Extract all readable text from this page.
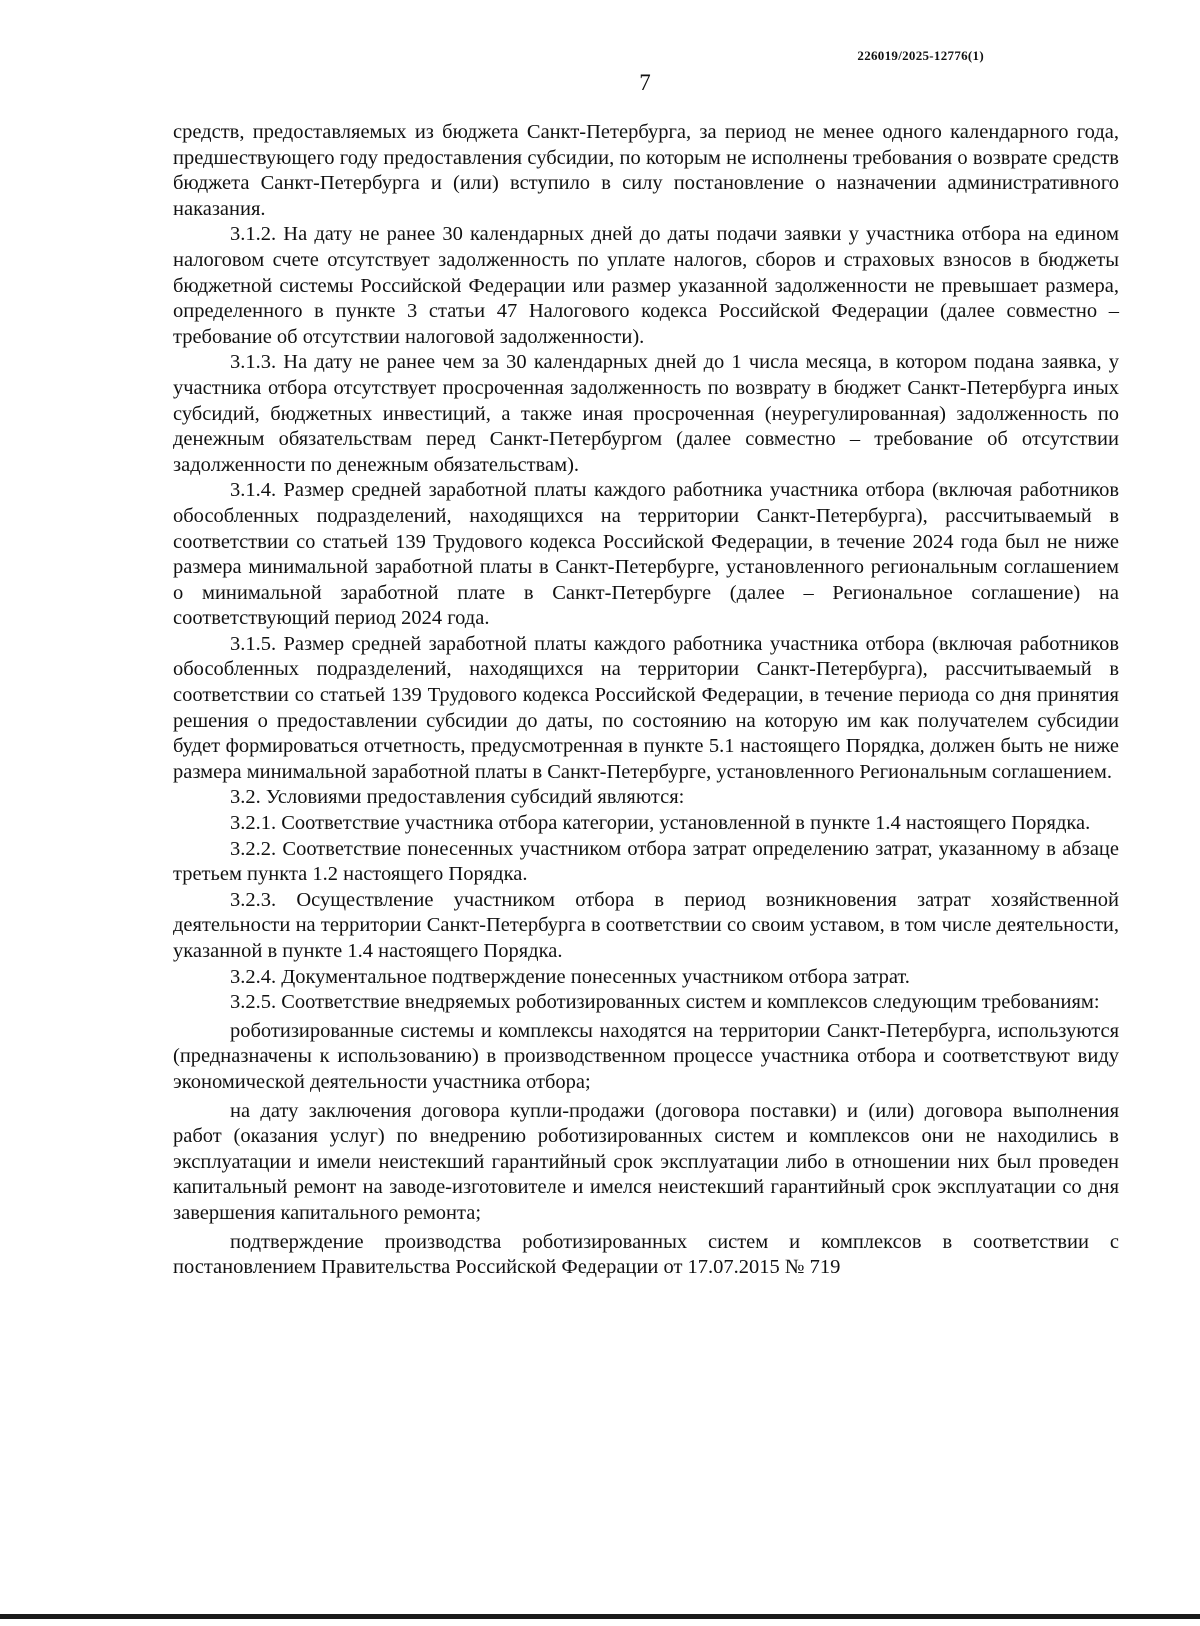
226019/2025-12776(1)
7

средств, предоставляемых из бюджета Санкт-Петербурга, за период не менее одного календарного года, предшествующего году предоставления субсидии, по которым не исполнены требования о возврате средств бюджета Санкт-Петербурга и (или) вступило в силу постановление о назначении административного наказания.

3.1.2. На дату не ранее 30 календарных дней до даты подачи заявки у участника отбора на едином налоговом счете отсутствует задолженность по уплате налогов, сборов и страховых взносов в бюджеты бюджетной системы Российской Федерации или размер указанной задолженности не превышает размера, определенного в пункте 3 статьи 47 Налогового кодекса Российской Федерации (далее совместно – требование об отсутствии налоговой задолженности).

3.1.3. На дату не ранее чем за 30 календарных дней до 1 числа месяца, в котором подана заявка, у участника отбора отсутствует просроченная задолженность по возврату в бюджет Санкт-Петербурга иных субсидий, бюджетных инвестиций, а также иная просроченная (неурегулированная) задолженность по денежным обязательствам перед Санкт-Петербургом (далее совместно – требование об отсутствии задолженности по денежным обязательствам).

3.1.4. Размер средней заработной платы каждого работника участника отбора (включая работников обособленных подразделений, находящихся на территории Санкт-Петербурга), рассчитываемый в соответствии со статьей 139 Трудового кодекса Российской Федерации, в течение 2024 года был не ниже размера минимальной заработной платы в Санкт-Петербурге, установленного региональным соглашением о минимальной заработной плате в Санкт-Петербурге (далее – Региональное соглашение) на соответствующий период 2024 года.

3.1.5. Размер средней заработной платы каждого работника участника отбора (включая работников обособленных подразделений, находящихся на территории Санкт-Петербурга), рассчитываемый в соответствии со статьей 139 Трудового кодекса Российской Федерации, в течение периода со дня принятия решения о предоставлении субсидии до даты, по состоянию на которую им как получателем субсидии будет формироваться отчетность, предусмотренная в пункте 5.1 настоящего Порядка, должен быть не ниже размера минимальной заработной платы в Санкт-Петербурге, установленного Региональным соглашением.

3.2. Условиями предоставления субсидий являются:

3.2.1. Соответствие участника отбора категории, установленной в пункте 1.4 настоящего Порядка.

3.2.2. Соответствие понесенных участником отбора затрат определению затрат, указанному в абзаце третьем пункта 1.2 настоящего Порядка.

3.2.3. Осуществление участником отбора в период возникновения затрат хозяйственной деятельности на территории Санкт-Петербурга в соответствии со своим уставом, в том числе деятельности, указанной в пункте 1.4 настоящего Порядка.

3.2.4. Документальное подтверждение понесенных участником отбора затрат.

3.2.5. Соответствие внедряемых роботизированных систем и комплексов следующим требованиям:

роботизированные системы и комплексы находятся на территории Санкт-Петербурга, используются (предназначены к использованию) в производственном процессе участника отбора и соответствуют виду экономической деятельности участника отбора;

на дату заключения договора купли-продажи (договора поставки) и (или) договора выполнения работ (оказания услуг) по внедрению роботизированных систем и комплексов они не находились в эксплуатации и имели неистекший гарантийный срок эксплуатации либо в отношении них был проведен капитальный ремонт на заводе-изготовителе и имелся неистекший гарантийный срок эксплуатации со дня завершения капитального ремонта;

подтверждение производства роботизированных систем и комплексов в соответствии с постановлением Правительства Российской Федерации от 17.07.2015 № 719
